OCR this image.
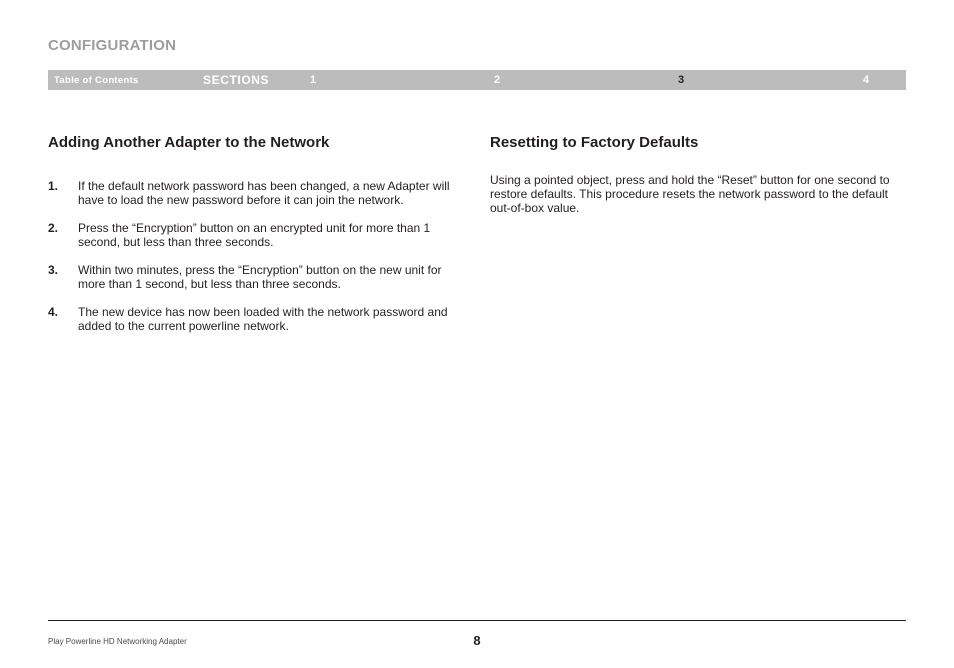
CONFIGURATION
Table of Contents	SECTIONS	1	2	3	4
Adding Another Adapter to the Network
1. If the default network password has been changed, a new Adapter will have to load the new password before it can join the network.
2. Press the “Encryption” button on an encrypted unit for more than 1 second, but less than three seconds.
3. Within two minutes, press the “Encryption” button on the new unit for more than 1 second, but less than three seconds.
4. The new device has now been loaded with the network password and added to the current powerline network.
Resetting to Factory Defaults

Using a pointed object, press and hold the “Reset” button for one second to restore defaults. This procedure resets the network password to the default out-of-box value.

Play Powerline HD Networking Adapter	8
